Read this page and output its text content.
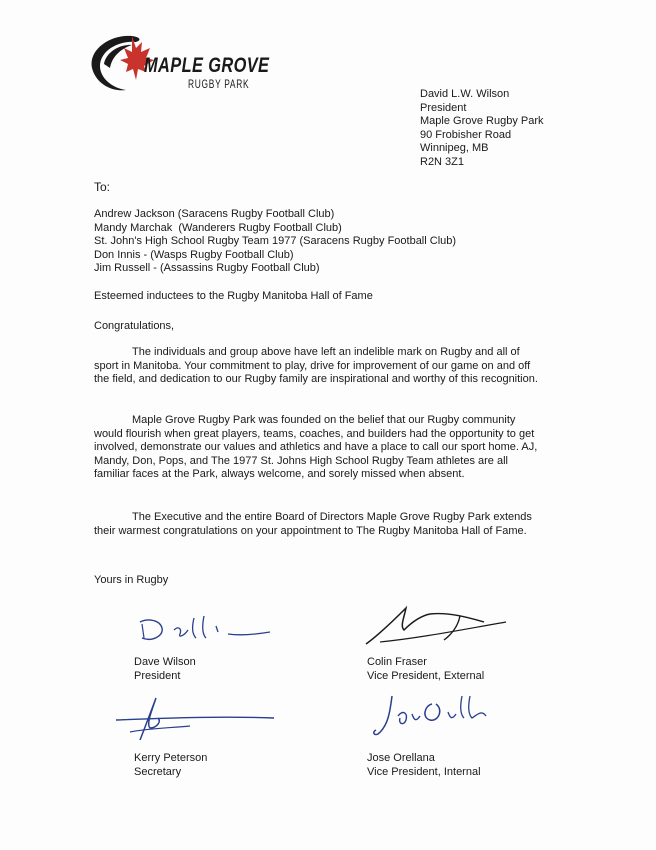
MAPLE GROVE
RUGBY PARK
David L.W. Wilson
President
Maple Grove Rugby Park
90 Frobisher Road
Winnipeg, MB
R2N 3Z1
To:
Andrew Jackson (Saracens Rugby Football Club)
Mandy Marchak  (Wanderers Rugby Football Club)
St. John's High School Rugby Team 1977 (Saracens Rugby Football Club)
Don Innis - (Wasps Rugby Football Club)
Jim Russell - (Assassins Rugby Football Club)
Esteemed inductees to the Rugby Manitoba Hall of Fame
Congratulations,

The individuals and group above have left an indelible mark on Rugby and all of sport in Manitoba. Your commitment to play, drive for improvement of our game on and off the field, and dedication to our Rugby family are inspirational and worthy of this recognition.

Maple Grove Rugby Park was founded on the belief that our Rugby community would flourish when great players, teams, coaches, and builders had the opportunity to get involved, demonstrate our values and athletics and have a place to call our sport home. AJ, Mandy, Don, Pops, and The 1977 St. Johns High School Rugby Team athletes are all familiar faces at the Park, always welcome, and sorely missed when absent.

The Executive and the entire Board of Directors Maple Grove Rugby Park extends their warmest congratulations on your appointment to The Rugby Manitoba Hall of Fame.

Yours in Rugby
Dave Wilson
President
Colin Fraser
Vice President, External
Kerry Peterson
Secretary
Jose Orellana
Vice President, Internal
